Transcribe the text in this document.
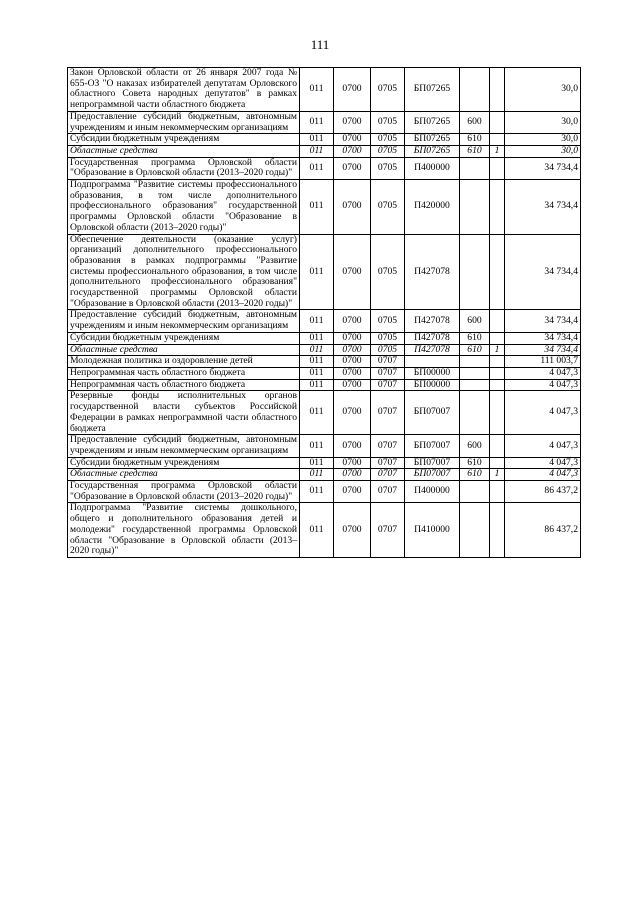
111
Закон Орловской области от 26 января 2007 года № 655-ОЗ "О наказах избирателей депутатам Орловского областного Совета народных депутатов" в рамках непрограммной части областного бюджета	011	0700	0705	БП07265			30,0
Предоставление субсидий бюджетным, автономным учреждениям и иным некоммерческим организациям	011	0700	0705	БП07265	600		30,0
Субсидии бюджетным учреждениям	011	0700	0705	БП07265	610		30,0
Областные средства	011	0700	0705	БП07265	610	1	30,0
Государственная программа Орловской области "Образование в Орловской области (2013–2020 годы)"	011	0700	0705	П400000			34 734,4
Подпрограмма "Развитие системы профессионального образования, в том числе дополнительного профессионального образования" государственной программы Орловской области "Образование в Орловской области (2013–2020 годы)"	011	0700	0705	П420000			34 734,4
Обеспечение деятельности (оказание услуг) организаций дополнительного профессионального образования в рамках подпрограммы "Развитие системы профессионального образования, в том числе дополнительного профессионального образования" государственной программы Орловской области "Образование в Орловской области (2013–2020 годы)"	011	0700	0705	П427078			34 734,4
Предоставление субсидий бюджетным, автономным учреждениям и иным некоммерческим организациям	011	0700	0705	П427078	600		34 734,4
Субсидии бюджетным учреждениям	011	0700	0705	П427078	610		34 734,4
Областные средства	011	0700	0705	П427078	610	1	34 734,4
Молодежная политика и оздоровление детей	011	0700	0707				111 003,7
Непрограммная часть областного бюджета	011	0700	0707	БП00000			4 047,3
Непрограммная часть областного бюджета	011	0700	0707	БП00000			4 047,3
Резервные фонды исполнительных органов государственной власти субъектов Российской Федерации в рамках непрограммной части областного бюджета	011	0700	0707	БП07007			4 047,3
Предоставление субсидий бюджетным, автономным учреждениям и иным некоммерческим организациям	011	0700	0707	БП07007	600		4 047,3
Субсидии бюджетным учреждениям	011	0700	0707	БП07007	610		4 047,3
Областные средства	011	0700	0707	БП07007	610	1	4 047,3
Государственная программа Орловской области "Образование в Орловской области (2013–2020 годы)"	011	0700	0707	П400000			86 437,2
Подпрограмма "Развитие системы дошкольного, общего и дополнительного образования детей и молодежи" государственной программы Орловской области "Образование в Орловской области (2013–2020 годы)"	011	0700	0707	П410000			86 437,2
